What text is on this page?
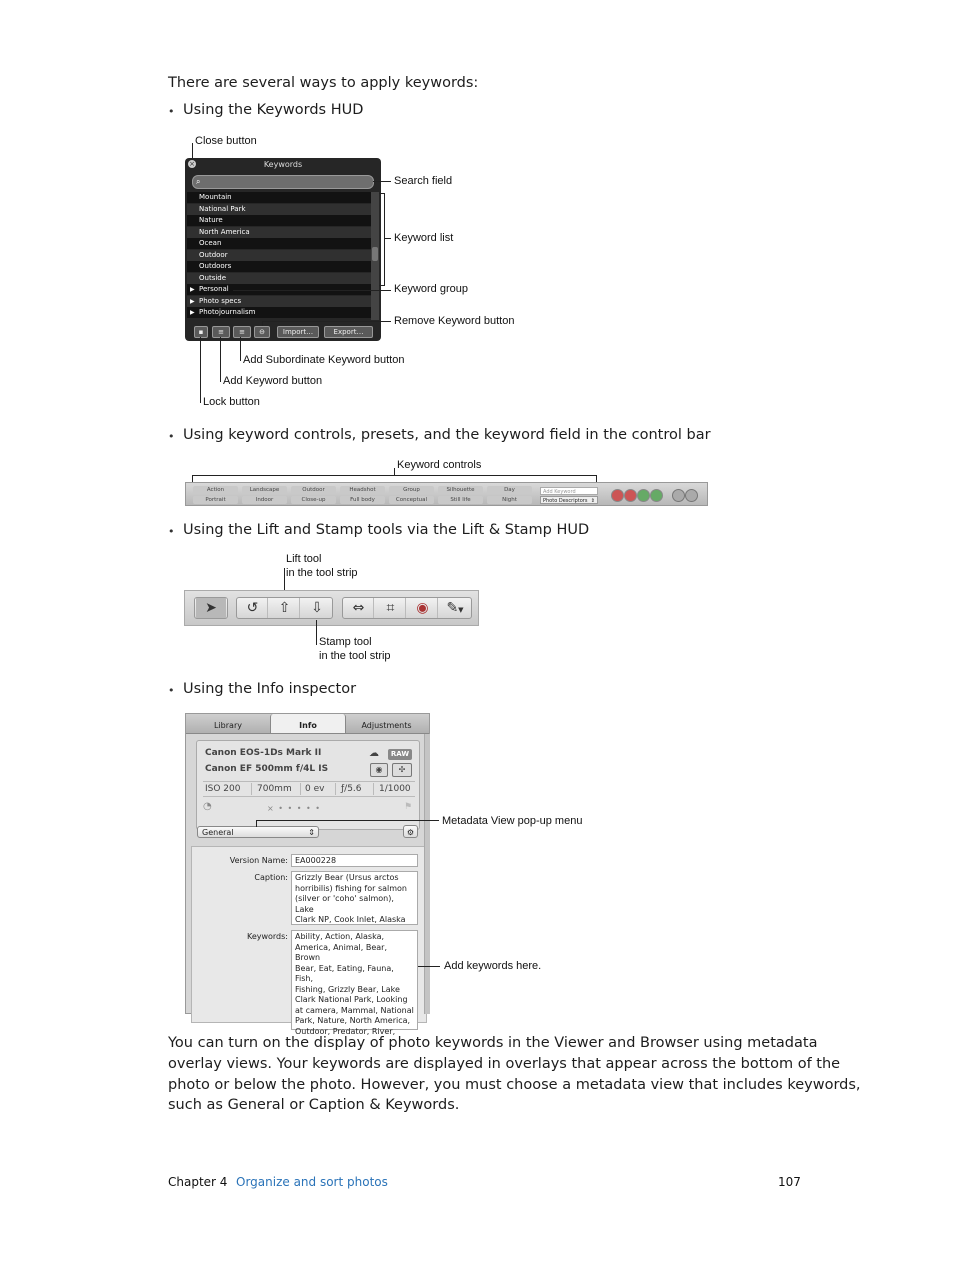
There are several ways to apply keywords:
• Using the Keywords HUD
Close button
Keywords
×
⌕
Mountain
National Park
Nature
North America
Ocean
Outdoor
Outdoors
Outside
▶ Personal
▶ Photo specs
▶ Photojournalism
▪	≡	≡	⊖	Import…	Export…
Search field
Keyword list
Keyword group
Remove Keyword button
Add Subordinate Keyword button
Add Keyword button
Lock button
• Using keyword controls, presets, and the keyword field in the control bar
Keyword controls
Action	Landscape	Outdoor	Headshot	Group	Silhouette	Day
Portrait	Indoor	Close-up	Full body	Conceptual	Still life	Night
Add Keyword
Photo Descriptors ⇕
• Using the Lift and Stamp tools via the Lift & Stamp HUD
Lift tool
in the tool strip
➤	↺	⇧	⇩	⇔	⌗	◉	✎▼
Stamp tool
in the tool strip
• Using the Info inspector
Library	Info	Adjustments
Canon EOS-1Ds Mark II
Canon EF 500mm f/4L IS
☁	RAW
◉	✣
ISO 200 700mm 0 ev ƒ/5.6 1/1000
◔	× • • • • •	⚑
General	⇕	⚙
Version Name: EA000228
Caption: Grizzly Bear (Ursus arctos
horribilis) fishing for salmon
(silver or 'coho' salmon), Lake
Clark NP, Cook Inlet, Alaska
Keywords: Ability, Action, Alaska,
America, Animal, Bear, Brown
Bear, Eat, Eating, Fauna, Fish,
Fishing, Grizzly Bear, Lake
Clark National Park, Looking
at camera, Mammal, National
Park, Nature, North America,
Outdoor, Predator, River,
Metadata View pop-up menu
Add keywords here.
You can turn on the display of photo keywords in the Viewer and Browser using metadata
overlay views. Your keywords are displayed in overlays that appear across the bottom of the
photo or below the photo. However, you must choose a metadata view that includes keywords,
such as General or Caption & Keywords.
Chapter 4 Organize and sort photos	107
